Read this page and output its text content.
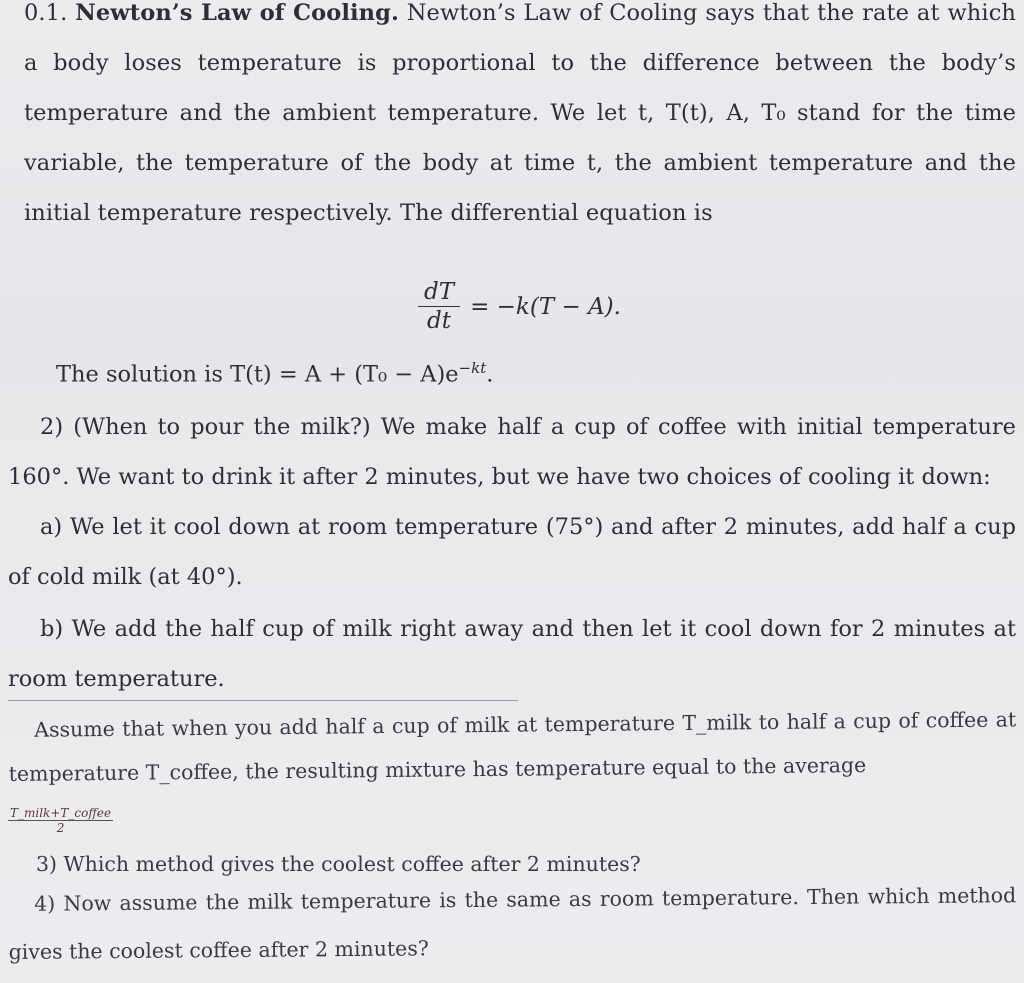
0.1. Newton’s Law of Cooling. Newton’s Law of Cooling says that the rate at which a body loses temperature is proportional to the difference between the body’s temperature and the ambient temperature. We let t, T(t), A, T₀ stand for the time variable, the temperature of the body at time t, the ambient temperature and the initial temperature respectively. The differential equation is
$\frac{dT}{dt} = -k(T - A)$.
The solution is $T(t) = A + (T_0 - A)e^{-kt}$.
2) (When to pour the milk?) We make half a cup of coffee with initial temperature 160°. We want to drink it after 2 minutes, but we have two choices of cooling it down:
a) We let it cool down at room temperature (75°) and after 2 minutes, add half a cup of cold milk (at 40°).
b) We add the half cup of milk right away and then let it cool down for 2 minutes at room temperature.
Assume that when you add half a cup of milk at temperature T_milk to half a cup of coffee at temperature T_coffee, the resulting mixture has temperature equal to the average
T_milk+T_coffee
2
3) Which method gives the coolest coffee after 2 minutes?
4) Now assume the milk temperature is the same as room temperature. Then which method gives the coolest coffee after 2 minutes?
